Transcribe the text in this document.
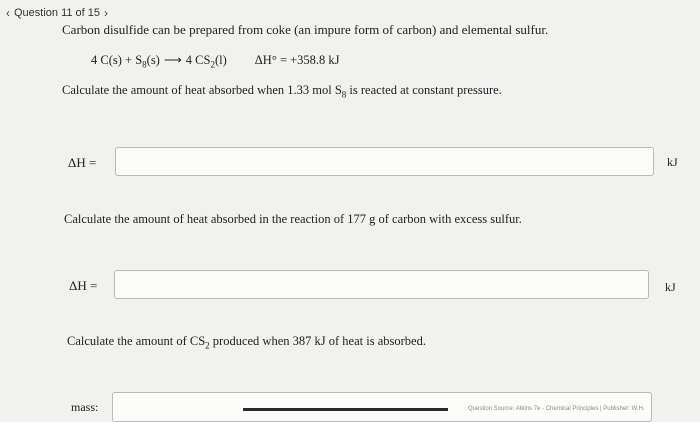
‹ Question 11 of 15 ›
Carbon disulfide can be prepared from coke (an impure form of carbon) and elemental sulfur.
4 $C(s) + S_8(s)$ ⟶ 4 $CS_2(l) \Delta H^\circ = +358.8$ kJ
Calculate the amount of heat absorbed when 1.33 mol $S_8$ is reacted at constant pressure.
ΔH =	kJ
Calculate the amount of heat absorbed in the reaction of 177 g of carbon with excess sulfur.
ΔH =	kJ
Calculate the amount of $CS_2$ produced when 387 kJ of heat is absorbed.
mass:	Question Source: Atkins 7e - Chemical Principles | Publisher: W.H.
